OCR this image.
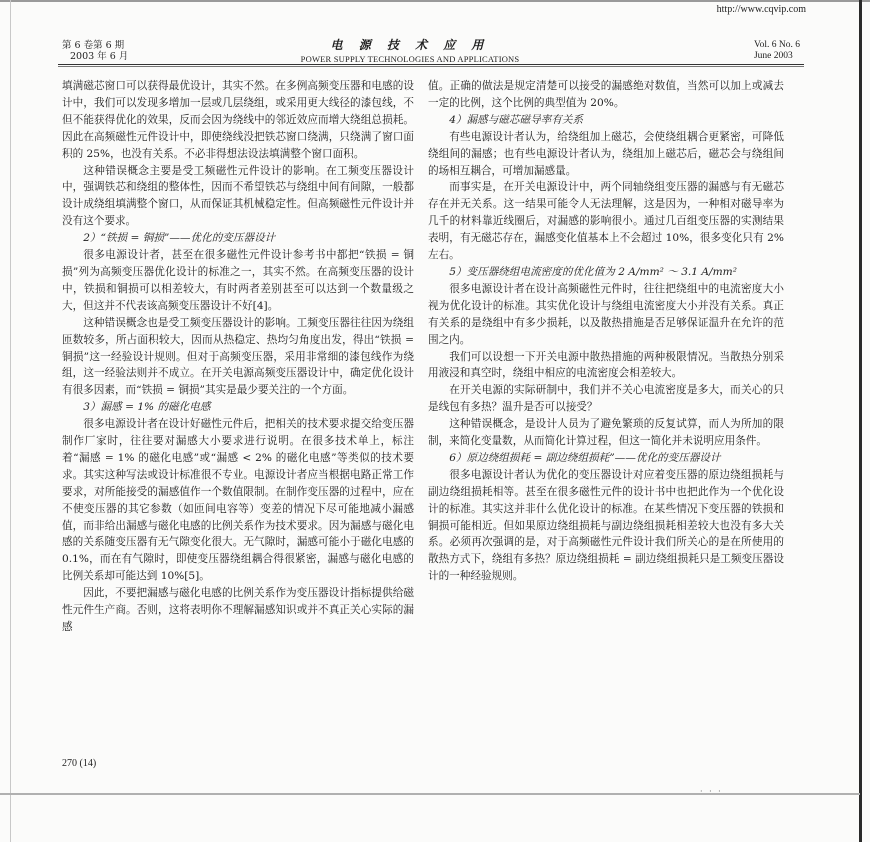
http://www.cqvip.com
第 6 卷第 6 期
2003 年 6 月
电 源 技 术 应 用
POWER SUPPLY TECHNOLOGIES AND APPLICATIONS
Vol. 6 No. 6
June 2003

填满磁芯窗口可以获得最优设计，其实不然。在多例高频变压器和电感的设计中，我们可以发现多增加一层或几层绕组，或采用更大线径的漆包线，不但不能获得优化的效果，反而会因为绕线中的邻近效应而增大绕组总损耗。因此在高频磁性元件设计中，即使绕线没把铁芯窗口绕满，只绕满了窗口面积的 25%，也没有关系。不必非得想法设法填满整个窗口面积。

这种错误概念主要是受工频磁性元件设计的影响。在工频变压器设计中，强调铁芯和绕组的整体性，因而不希望铁芯与绕组中间有间隙，一般都设计成绕组填满整个窗口，从而保证其机械稳定性。但高频磁性元件设计并没有这个要求。

2）“铁损 = 铜损”——优化的变压器设计

很多电源设计者，甚至在很多磁性元件设计参考书中都把“铁损 = 铜损”列为高频变压器优化设计的标准之一，其实不然。在高频变压器的设计中，铁损和铜损可以相差较大，有时两者差别甚至可以达到一个数量级之大，但这并不代表该高频变压器设计不好[4]。

这种错误概念也是受工频变压器设计的影响。工频变压器往往因为绕组匝数较多，所占面积较大，因而从热稳定、热均匀角度出发，得出“铁损 = 铜损”这一经验设计规则。但对于高频变压器，采用非常细的漆包线作为绕组，这一经验法则并不成立。在开关电源高频变压器设计中，确定优化设计有很多因素，而“铁损 = 铜损”其实是最少要关注的一个方面。

3）漏感 = 1% 的磁化电感

很多电源设计者在设计好磁性元件后，把相关的技术要求提交给变压器制作厂家时，往往要对漏感大小要求进行说明。在很多技术单上，标注着“漏感 = 1% 的磁化电感”或“漏感 < 2% 的磁化电感”等类似的技术要求。其实这种写法或设计标准很不专业。电源设计者应当根据电路正常工作要求，对所能接受的漏感值作一个数值限制。在制作变压器的过程中，应在不使变压器的其它参数（如匝间电容等）变差的情况下尽可能地减小漏感值，而非给出漏感与磁化电感的比例关系作为技术要求。因为漏感与磁化电感的关系随变压器有无气隙变化很大。无气隙时，漏感可能小于磁化电感的 0.1%，而在有气隙时，即使变压器绕组耦合得很紧密，漏感与磁化电感的比例关系却可能达到 10%[5]。

因此，不要把漏感与磁化电感的比例关系作为变压器设计指标提供给磁性元件生产商。否则，这将表明你不理解漏感知识或并不真正关心实际的漏感

值。正确的做法是规定清楚可以接受的漏感绝对数值，当然可以加上或减去一定的比例，这个比例的典型值为 20%。

4）漏感与磁芯磁导率有关系

有些电源设计者认为，给绕组加上磁芯，会使绕组耦合更紧密，可降低绕组间的漏感；也有些电源设计者认为，绕组加上磁芯后，磁芯会与绕组间的场相互耦合，可增加漏感量。

而事实是，在开关电源设计中，两个同轴绕组变压器的漏感与有无磁芯存在并无关系。这一结果可能令人无法理解，这是因为，一种相对磁导率为几千的材料靠近线圈后，对漏感的影响很小。通过几百组变压器的实测结果表明，有无磁芯存在，漏感变化值基本上不会超过 10%，很多变化只有 2% 左右。

5）变压器绕组电流密度的优化值为 2 A/mm² ～ 3.1 A/mm²

很多电源设计者在设计高频磁性元件时，往往把绕组中的电流密度大小视为优化设计的标准。其实优化设计与绕组电流密度大小并没有关系。真正有关系的是绕组中有多少损耗，以及散热措施是否足够保证温升在允许的范围之内。

我们可以设想一下开关电源中散热措施的两种极限情况。当散热分别采用液浸和真空时，绕组中相应的电流密度会相差较大。

在开关电源的实际研制中，我们并不关心电流密度是多大，而关心的只是线包有多热？温升是否可以接受？

这种错误概念，是设计人员为了避免繁琐的反复试算，而人为所加的限制，来简化变量数，从而简化计算过程，但这一简化并未说明应用条件。

6）原边绕组损耗 = 副边绕组损耗”——优化的变压器设计

很多电源设计者认为优化的变压器设计对应着变压器的原边绕组损耗与副边绕组损耗相等。甚至在很多磁性元件的设计书中也把此作为一个优化设计的标准。其实这并非什么优化设计的标准。在某些情况下变压器的铁损和铜损可能相近。但如果原边绕组损耗与副边绕组损耗相差较大也没有多大关系。必须再次强调的是，对于高频磁性元件设计我们所关心的是在所使用的散热方式下，绕组有多热？原边绕组损耗 = 副边绕组损耗只是工频变压器设计的一种经验规则。

270 (14)
· · ·
